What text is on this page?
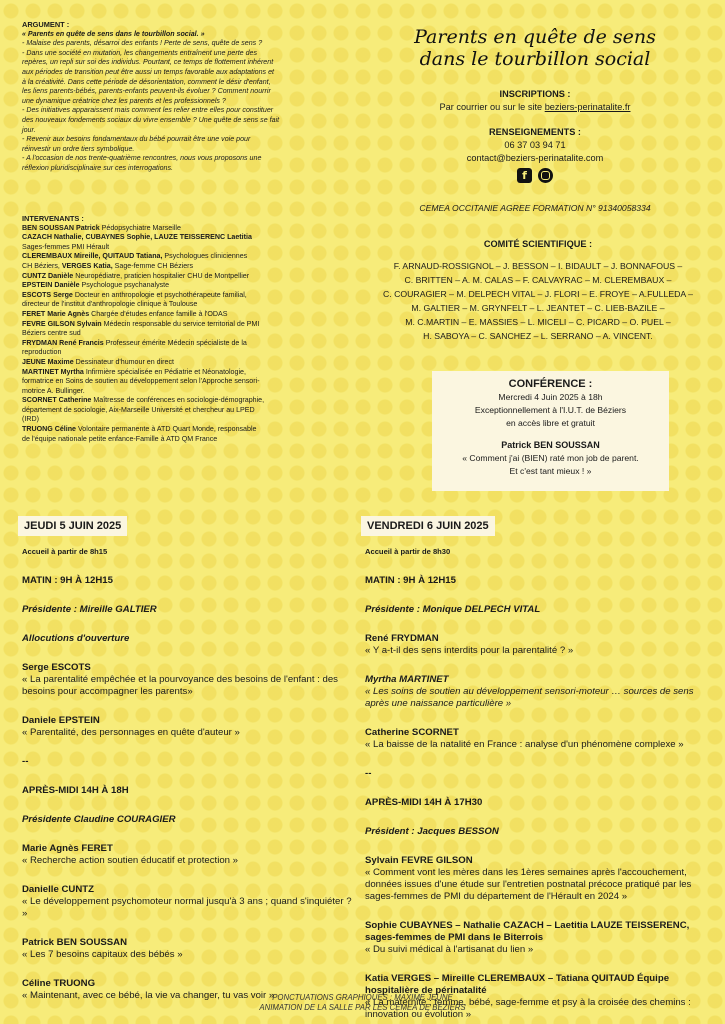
ARGUMENT :
« Parents en quête de sens dans le tourbillon social. »

- Malaise des parents, désarroi des enfants ! Perte de sens, quête de sens ?

- Dans une société en mutation, les changements entraînent une perte des

repères, un repli sur soi des individus. Pourtant, ce temps de flottement inhérent

aux périodes de transition peut être aussi un temps favorable aux adaptations et

à la créativité. Dans cette période de désorientation, comment le désir d'enfant,

les liens parents-bébés, parents-enfants peuvent-ils évoluer ? Comment nourrir

une dynamique créatrice chez les parents et les professionnels ?

- Des initiatives apparaissent mais comment les relier entre elles pour constituer

des nouveaux fondements sociaux du vivre ensemble ? Une quête de sens se fait

jour.

- Revenir aux besoins fondamentaux du bébé pourrait être une voie pour

réinvestir un ordre tiers symbolique.

- A l'occasion de nos trente-quatrième rencontres, nous vous proposons une

réflexion pluridisciplinaire sur ces interrogations.

INTERVENANTS :
BEN SOUSSAN Patrick Pédopsychiatre Marseille
CAZACH Nathalie, CUBAYNES Sophie, LAUZE TEISSERENC Laetitia
Sages-femmes PMI Hérault
CLEREMBAUX Mireille, QUITAUD Tatiana, Psychologues cliniciennes
CH Béziers, VERGES Katia, Sage-femme CH Béziers
CUNTZ Danièle Neuropédiatre, praticien hospitalier CHU de Montpellier
EPSTEIN Danièle Psychologue psychanalyste
ESCOTS Serge Docteur en anthropologie et psychothérapeute familial,
directeur de l'institut d'anthropologie clinique à Toulouse
FERET Marie Agnès Chargée d'études enfance famille à l'ODAS
FEVRE GILSON Sylvain Médecin responsable du service territorial de PMI
Béziers centre sud
FRYDMAN René Francis Professeur émérite Médecin spécialiste de la
reproduction
JEUNE Maxime Dessinateur d'humour en direct
MARTINET Myrtha Infirmière spécialisée en Pédiatrie et Néonatologie,
formatrice en Soins de soutien au développement selon l'Approche sensori-
motrice A. Bullinger.
SCORNET Catherine Maîtresse de conférences en sociologie-démographie,
département de sociologie, Aix-Marseille Université et chercheur au LPED
(IRD)
TRUONG Céline Volontaire permanente à ATD Quart Monde, responsable
de l'équipe nationale petite enfance-Famille à ATD QM France
Parents en quête de sens
dans le tourbillon social
INSCRIPTIONS :
Par courrier ou sur le site beziers-perinatalite.fr
RENSEIGNEMENTS :
06 37 03 94 71
contact@beziers-perinatalite.com
f
CEMEA OCCITANIE AGREE FORMATION N° 91340058334
COMITÉ SCIENTIFIQUE :
F. ARNAUD-ROSSIGNOL – J. BESSON – I. BIDAULT – J. BONNAFOUS –
C. BRITTEN – A. M. CALAS – F. CALVAYRAC – M. CLEREMBAUX –
C. COURAGIER – M. DELPECH VITAL – J. FLORI – E. FROYE – A.FULLEDA –
M. GALTIER – M. GRYNFELT – L. JEANTET – C. LIEB-BAZILE –
M. C.MARTIN – E. MASSIES – L. MICELI – C. PICARD – O. PUEL –
H. SABOYA – C. SANCHEZ – L. SERRANO – A. VINCENT.
CONFÉRENCE :
Mercredi 4 Juin 2025 à 18h
Exceptionnellement à l'I.U.T. de Béziers
en accès libre et gratuit
Patrick BEN SOUSSAN
« Comment j'ai (BIEN) raté mon job de parent.
Et c'est tant mieux ! »
JEUDI 5 JUIN 2025
Accueil à partir de 8h15
MATIN : 9H À 12H15
Présidente : Mireille GALTIER
Allocutions d'ouverture
Serge ESCOTS
« La parentalité empêchée et la pourvoyance des besoins de l'enfant : des besoins pour accompagner les parents»
Daniele EPSTEIN
« Parentalité, des personnages en quête d'auteur »
--
APRÈS-MIDI 14H À 18H
Présidente Claudine COURAGIER
Marie Agnès FERET
« Recherche action soutien éducatif et protection »
Danielle CUNTZ
« Le développement psychomoteur normal jusqu'à 3 ans ; quand s'inquiéter ? »
Patrick BEN SOUSSAN
« Les 7 besoins capitaux des bébés »
Céline TRUONG
« Maintenant, avec ce bébé, la vie va changer, tu vas voir »
VENDREDI 6 JUIN 2025
Accueil à partir de 8h30
MATIN : 9H À 12H15
Présidente : Monique DELPECH VITAL
René FRYDMAN
« Y a-t-il des sens interdits pour la parentalité ? »
Myrtha MARTINET
« Les soins de soutien au développement sensori-moteur … sources de sens après une naissance particulière »
Catherine SCORNET
« La baisse de la natalité en France : analyse d'un phénomène complexe »
--
APRÈS-MIDI 14H À 17H30
Président : Jacques BESSON
Sylvain FEVRE GILSON
« Comment vont les mères dans les 1ères semaines après l'accouchement, données issues d'une étude sur l'entretien postnatal précoce pratiqué par les sages-femmes de PMI du département de l'Hérault en 2024 »
Sophie CUBAYNES – Nathalie CAZACH – Laetitia LAUZE TEISSERENC, sages-femmes de PMI dans le Biterrois
« Du suivi médical à l'artisanat du lien »
Katia VERGES – Mireille CLEREMBAUX – Tatiana QUITAUD Équipe hospitalière de périnatalité
« La maternité ; femme, bébé, sage-femme et psy à la croisée des chemins : innovation ou évolution »
PONCTUATIONS GRAPHIQUES : MAXIME JEUNE
ANIMATION DE LA SALLE PAR LES CEMEA DE BÉZIERS
